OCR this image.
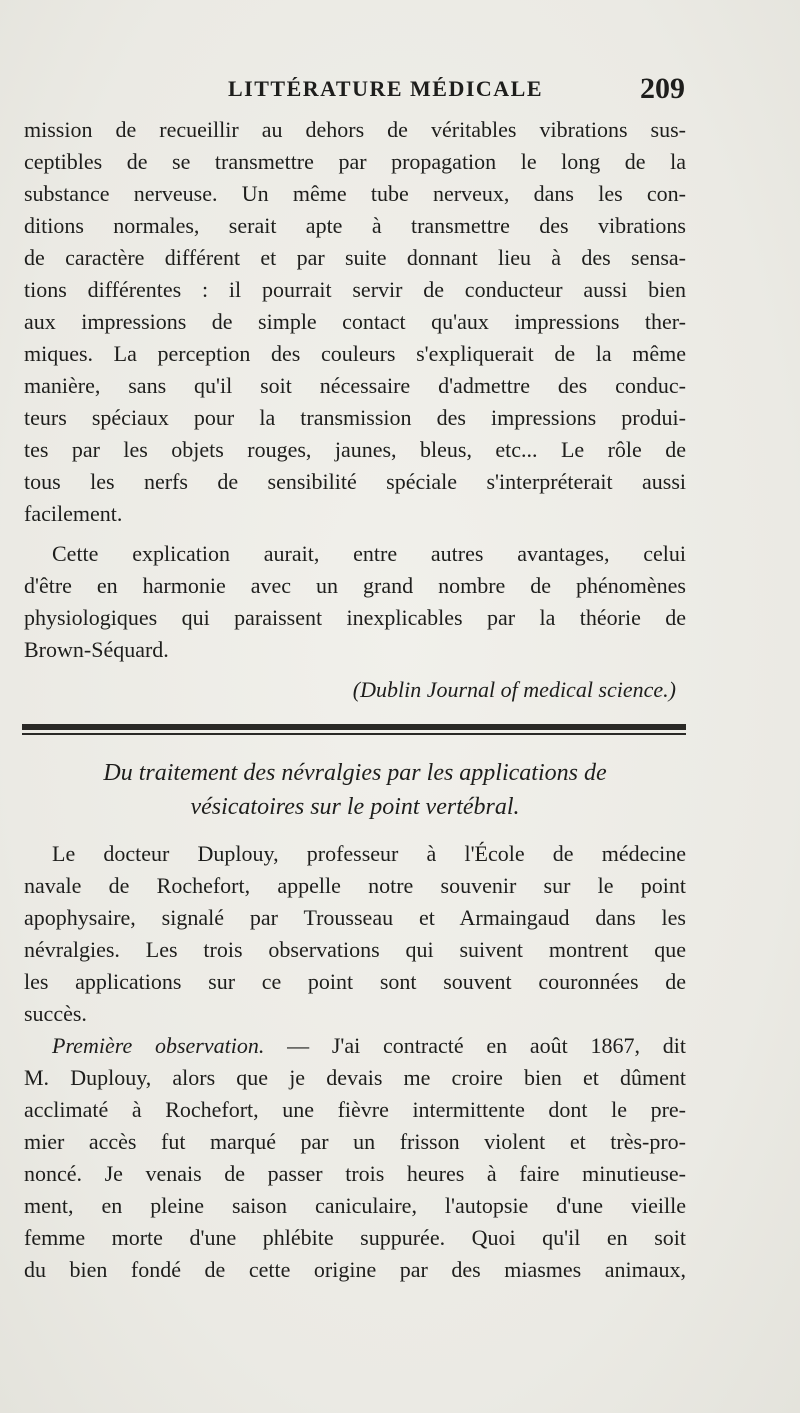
LITTÉRATURE MÉDICALE	209
mission de recueillir au dehors de véritables vibrations sus-
ceptibles de se transmettre par propagation le long de la
substance nerveuse. Un même tube nerveux, dans les con-
ditions normales, serait apte à transmettre des vibrations
de caractère différent et par suite donnant lieu à des sensa-
tions différentes : il pourrait servir de conducteur aussi bien
aux impressions de simple contact qu'aux impressions ther-
miques. La perception des couleurs s'expliquerait de la même
manière, sans qu'il soit nécessaire d'admettre des conduc-
teurs spéciaux pour la transmission des impressions produi-
tes par les objets rouges, jaunes, bleus, etc... Le rôle de
tous les nerfs de sensibilité spéciale s'interpréterait aussi
facilement.
Cette explication aurait, entre autres avantages, celui
d'être en harmonie avec un grand nombre de phénomènes
physiologiques qui paraissent inexplicables par la théorie de
Brown-Séquard.
(Dublin Journal of medical science.)
Du traitement des névralgies par les applications de
vésicatoires sur le point vertébral.
Le docteur Duplouy, professeur à l'École de médecine
navale de Rochefort, appelle notre souvenir sur le point
apophysaire, signalé par Trousseau et Armaingaud dans les
névralgies. Les trois observations qui suivent montrent que
les applications sur ce point sont souvent couronnées de
succès.
Première observation. — J'ai contracté en août 1867, dit
M. Duplouy, alors que je devais me croire bien et dûment
acclimaté à Rochefort, une fièvre intermittente dont le pre-
mier accès fut marqué par un frisson violent et très-pro-
noncé. Je venais de passer trois heures à faire minutieuse-
ment, en pleine saison caniculaire, l'autopsie d'une vieille
femme morte d'une phlébite suppurée. Quoi qu'il en soit
du bien fondé de cette origine par des miasmes animaux,
